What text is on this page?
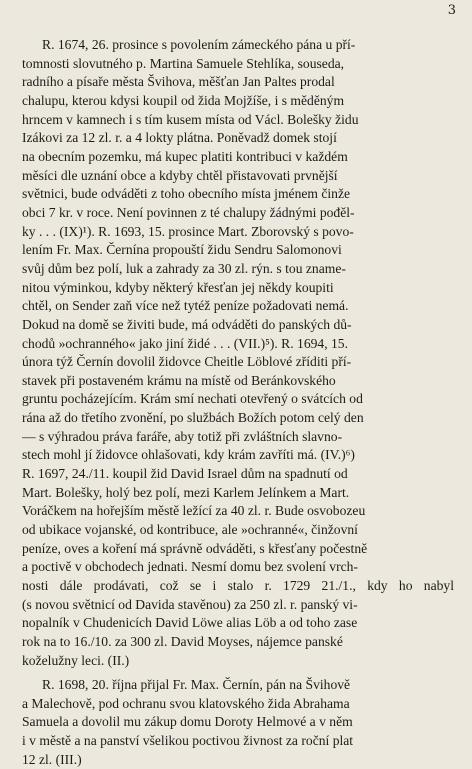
3

R. 1674, 26. prosince s povolením zámeckého pána u pří-

tomnosti slovutného p. Martina Samuele Stehlíka, souseda,

radního a písaře města Švihova, měšťan Jan Paltes prodal

chalupu, kterou kdysi koupil od žida Mojžíše, i s měděným

hrncem v kamnech i s tím kusem místa od Václ. Bolešky židu

Izákovi za 12 zl. r. a 4 lokty plátna. Poněvadž domek stojí

na obecním pozemku, má kupec platiti kontribuci v každém

měsíci dle uznání obce a kdyby chtěl přistavovati prvnější

světnici, bude odváděti z toho obecního místa jménem činže

obci 7 kr. v roce. Není povinnen z té chalupy žádnými pođěl-

ky . . . (IX)¹). R. 1693, 15. prosince Mart. Zborovský s povo-

lením Fr. Max. Černína propouští židu Sendru Salomonovi

svůj dům bez polí, luk a zahrady za 30 zl. rýn. s tou zname-

nitou výminkou, kdyby některý křesťan jej někdy koupiti

chtěl, on Sender zaň více než tytéž peníze požadovati nemá.

Dokud na domě se živiti bude, má odváděti do panských dů-

chodů »ochranného« jako jiní židé . . . (VII.)⁵). R. 1694, 15.

února týž Černín dovolil židovce Cheitle Löblové zříditi pří-

stavek při postaveném krámu na místě od Beránkovského

gruntu pocházejícím. Krám smí nechati otevřený o svátcích od

rána až do třetího zvonění, po službách Božích potom celý den

— s výhradou práva faráře, aby totiž při zvláštních slavno-

stech mohl jí židovce ohlašovati, kdy krám zavříti má. (IV.)⁶)

R. 1697, 24./11. koupil žid David Israel dům na spadnutí od

Mart. Bolešky, holý bez polí, mezi Karlem Jelínkem a Mart.

Voráčkem na hořejším městě ležící za 40 zl. r. Bude osvobozeu

od ubikace vojanské, od kontribuce, ale »ochranné«, činžovní

peníze, oves a koření má správně odváděti, s křesťany počestně

a poctivě v obchodech jednati. Nesmí domu bez svolení vrch-

nosti dále prodávati, což se i stalo r. 1729 21./1., kdy ho nabyl

(s novou světnicí od Davida stavěnou) za 250 zl. r. panský vi-

nopalník v Chudenicích David Löwe alias Löb a od toho zase

rok na to 16./10. za 300 zl. David Moyses, nájemce panské

koželužny leci. (II.)

R. 1698, 20. října přijal Fr. Max. Černín, pán na Švihově

a Malechově, pod ochranu svou klatovského žida Abrahama

Samuela a dovolil mu zákup domu Doroty Helmové a v něm

i v městě a na panství všelikou poctivou živnost za roční plat

12 zl. (III.)
